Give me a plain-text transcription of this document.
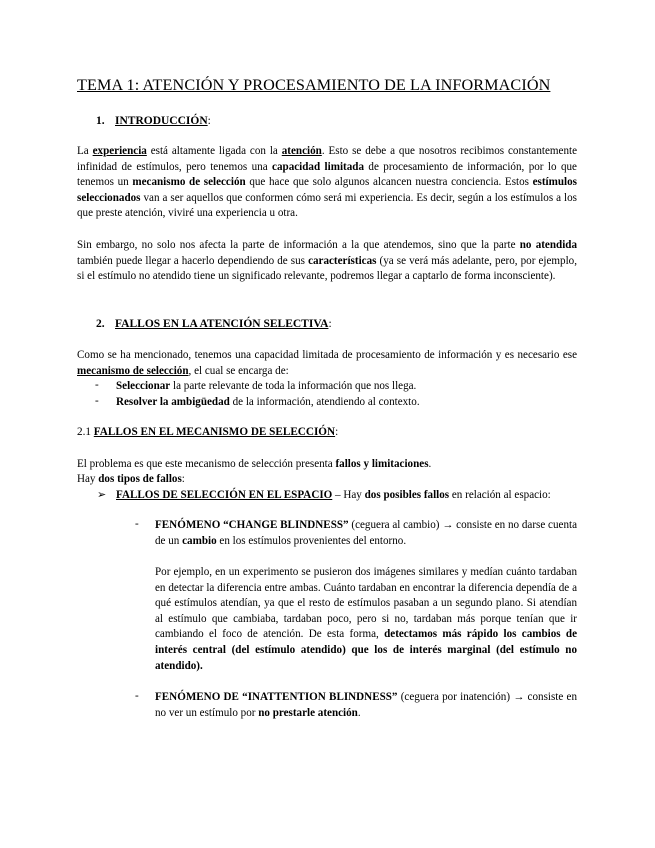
TEMA 1: ATENCIÓN Y PROCESAMIENTO DE LA INFORMACIÓN
1. INTRODUCCIÓN:

La experiencia está altamente ligada con la atención. Esto se debe a que nosotros recibimos constantemente infinidad de estímulos, pero tenemos una capacidad limitada de procesamiento de información, por lo que tenemos un mecanismo de selección que hace que solo algunos alcancen nuestra conciencia. Estos estímulos seleccionados van a ser aquellos que conformen cómo será mi experiencia. Es decir, según a los estímulos a los que preste atención, viviré una experiencia u otra.

Sin embargo, no solo nos afecta la parte de información a la que atendemos, sino que la parte no atendida también puede llegar a hacerlo dependiendo de sus características (ya se verá más adelante, pero, por ejemplo, si el estímulo no atendido tiene un significado relevante, podremos llegar a captarlo de forma inconsciente).

2. FALLOS EN LA ATENCIÓN SELECTIVA:

Como se ha mencionado, tenemos una capacidad limitada de procesamiento de información y es necesario ese mecanismo de selección, el cual se encarga de:

- Seleccionar la parte relevante de toda la información que nos llega.
- Resolver la ambigüedad de la información, atendiendo al contexto.
2.1 FALLOS EN EL MECANISMO DE SELECCIÓN:
El problema es que este mecanismo de selección presenta fallos y limitaciones.
Hay dos tipos de fallos:
➢ FALLOS DE SELECCIÓN EN EL ESPACIO – Hay dos posibles fallos en relación al espacio:
- FENÓMENO “CHANGE BLINDNESS” (ceguera al cambio) → consiste en no darse cuenta de un cambio en los estímulos provenientes del entorno.

Por ejemplo, en un experimento se pusieron dos imágenes similares y medían cuánto tardaban en detectar la diferencia entre ambas. Cuánto tardaban en encontrar la diferencia dependía de a qué estímulos atendían, ya que el resto de estímulos pasaban a un segundo plano. Si atendían al estímulo que cambiaba, tardaban poco, pero si no, tardaban más porque tenían que ir cambiando el foco de atención. De esta forma, detectamos más rápido los cambios de interés central (del estímulo atendido) que los de interés marginal (del estímulo no atendido).

- FENÓMENO DE “INATTENTION BLINDNESS” (ceguera por inatención) → consiste en no ver un estímulo por no prestarle atención.
